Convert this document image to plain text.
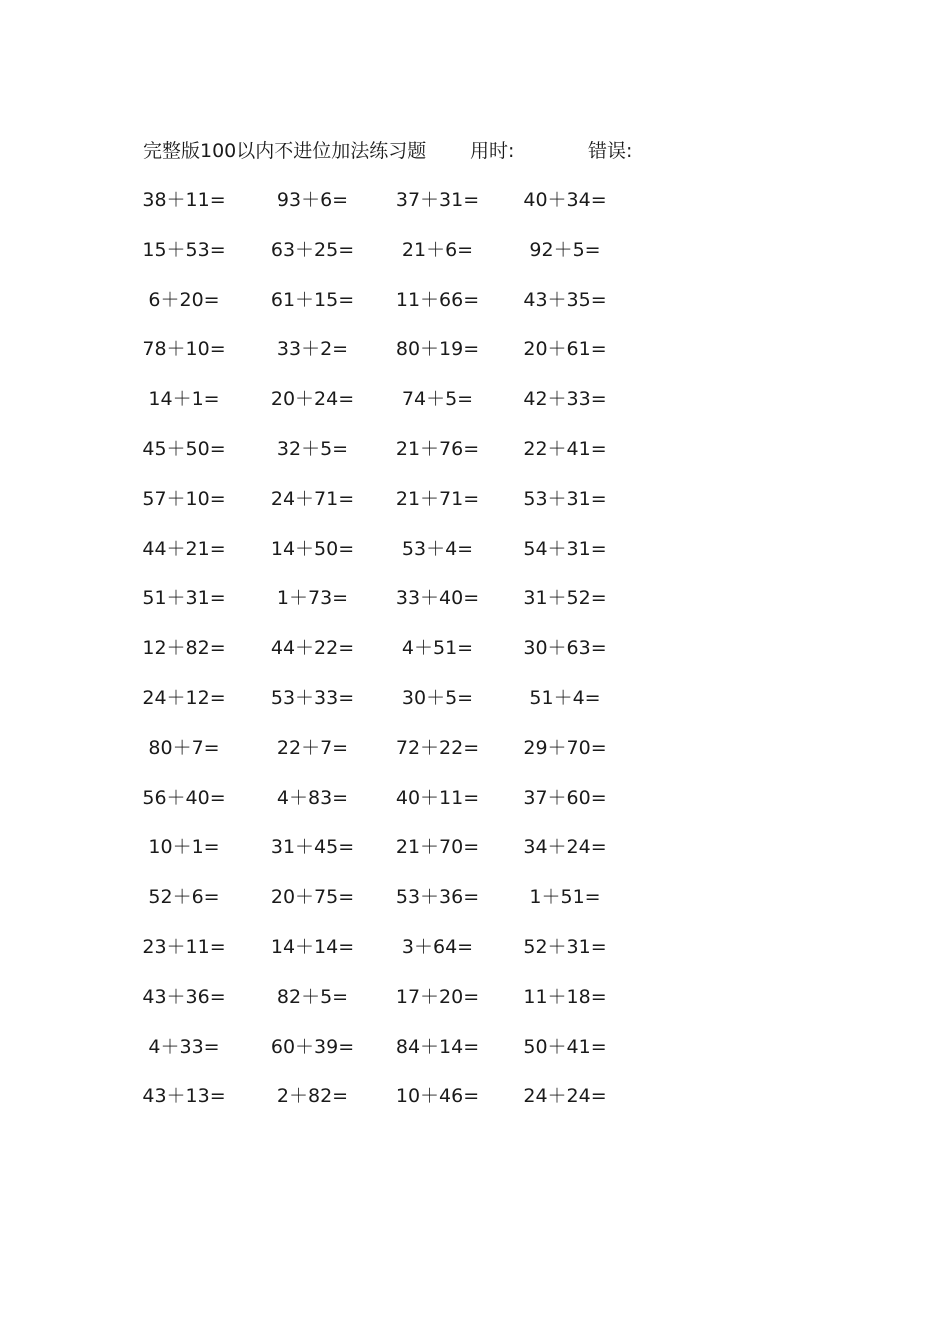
完整版100以内不进位加法练习题 用时:	错误:
38＋11=	93＋6=	37＋31=	40＋34=
15＋53=	63＋25=	21＋6=	92＋5=
6＋20=	61＋15=	11＋66=	43＋35=
78＋10=	33＋2=	80＋19=	20＋61=
14＋1=	20＋24=	74＋5=	42＋33=
45＋50=	32＋5=	21＋76=	22＋41=
57＋10=	24＋71=	21＋71=	53＋31=
44＋21=	14＋50=	53＋4=	54＋31=
51＋31=	1＋73=	33＋40=	31＋52=
12＋82=	44＋22=	4＋51=	30＋63=
24＋12=	53＋33=	30＋5=	51＋4=
80＋7=	22＋7=	72＋22=	29＋70=
56＋40=	4＋83=	40＋11=	37＋60=
10＋1=	31＋45=	21＋70=	34＋24=
52＋6=	20＋75=	53＋36=	1＋51=
23＋11=	14＋14=	3＋64=	52＋31=
43＋36=	82＋5=	17＋20=	11＋18=
4＋33=	60＋39=	84＋14=	50＋41=
43＋13=	2＋82=	10＋46=	24＋24=
